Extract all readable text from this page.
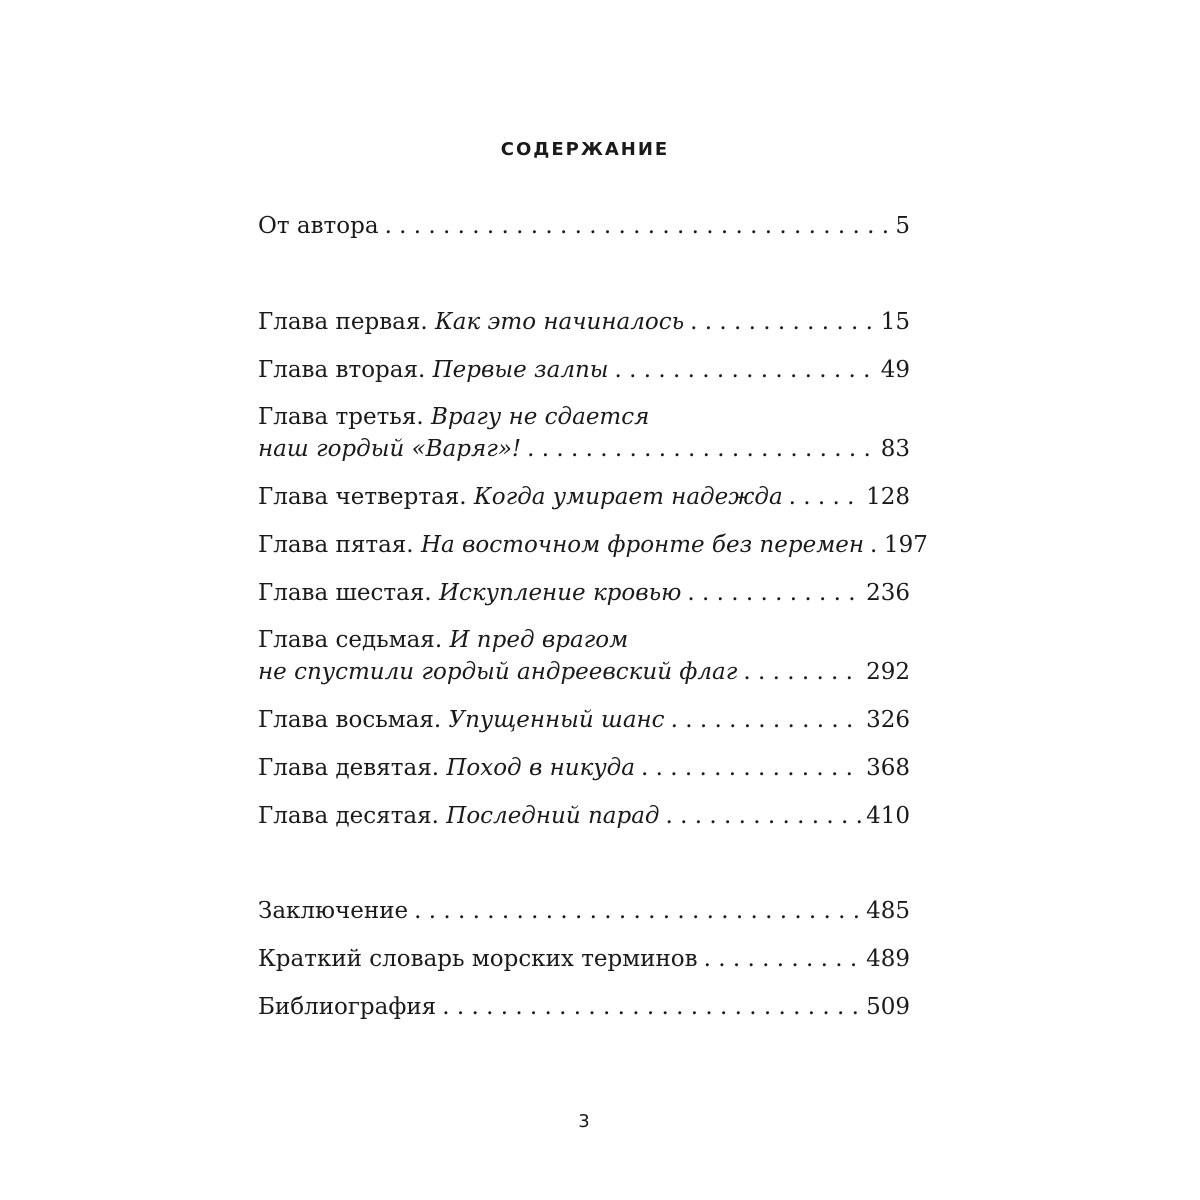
СОДЕРЖАНИЕ
От автора . . .	5
Глава первая. Как это начиналось . . .	15
Глава вторая. Первые залпы . . .	49
Глава третья. Врагу не сдается
наш гордый «Варяг»! . . .	83
Глава четвертая. Когда умирает надежда . . .	128
Глава пятая. На восточном фронте без перемен . . . 197
Глава шестая. Искупление кровью . . .	236
Глава седьмая. И пред врагом
не спустили гордый андреевский флаг . . .	292
Глава восьмая. Упущенный шанс . . .	326
Глава девятая. Поход в никуда . . .	368
Глава десятая. Последний парад . . .	410
Заключение . . .	485
Краткий словарь морских терминов . . .	489
Библиография . . .	509
3
